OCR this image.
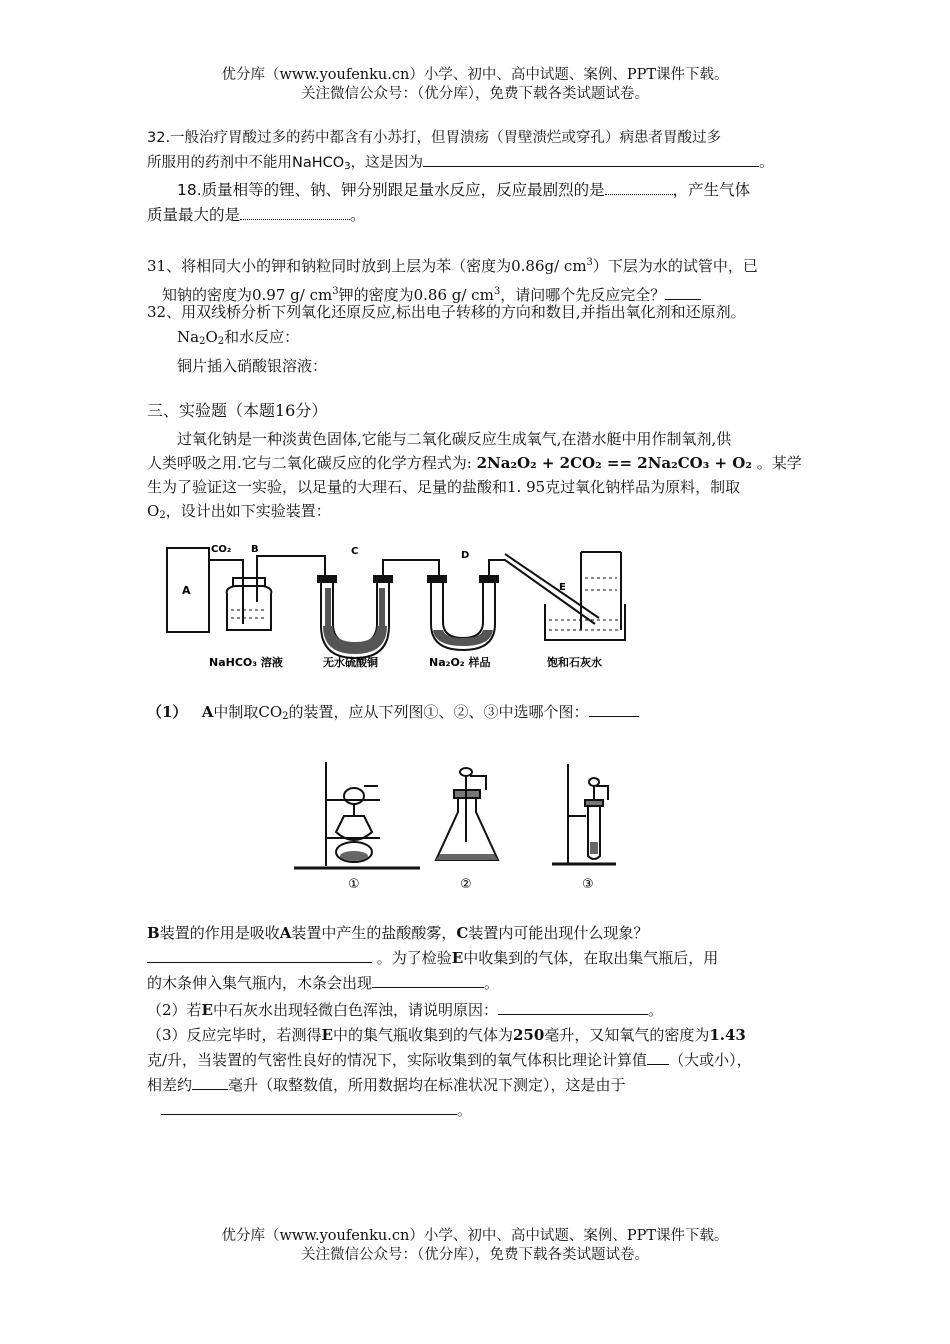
优分库（www.youfenku.cn）小学、初中、高中试题、案例、PPT课件下载。
关注微信公众号：（优分库），免费下载各类试题试卷。
32.一般治疗胃酸过多的药中都含有小苏打，但胃溃疡（胃壁溃烂或穿孔）病患者胃酸过多
所服用的药剂中不能用NaHCO$_3$，这是因为	。
18.质量相等的锂、钠、钾分别跟足量水反应，反应最剧烈的是	，产生气体
质量最大的是	。
31、将相同大小的钾和钠粒同时放到上层为苯（密度为0.86g/ $cm^3$）下层为水的试管中，已
知钠的密度为0.97 g/ $cm^3$钾的密度为0.86 g/ $cm^3$，请问哪个先反应完全？
32、用双线桥分析下列氧化还原反应,标出电子转移的方向和数目,并指出氧化剂和还原剂。
$Na_2O_2$和水反应：
铜片插入硝酸银溶液：
三、实验题（本题16分）
过氧化钠是一种淡黄色固体,它能与二氧化碳反应生成氧气,在潜水艇中用作制氧剂,供
人类呼吸之用.它与二氧化碳反应的化学方程式为: 2Na₂O₂ + 2CO₂ == 2Na₂CO₃ + O₂ 。某学
生为了验证这一实验，以足量的大理石、足量的盐酸和1. 95克过氧化钠样品为原料，制取
$O_2$，设计出如下实验装置：
A
CO₂ B	C	D
E
NaHCO₃ 溶液	无水硫酸铜	Na₂O₂ 样品	饱和石灰水
（1） A中制取$CO_2$的装置，应从下列图①、②、③中选哪个图：
①	②	③
B装置的作用是吸收A装置中产生的盐酸酸雾，C装置内可能出现什么现象？
。为了检验E中收集到的气体，在取出集气瓶后，用
的木条伸入集气瓶内，木条会出现	。
（2）若E中石灰水出现轻微白色浑浊，请说明原因：	。
（3）反应完毕时，若测得E中的集气瓶收集到的气体为250毫升，又知氧气的密度为1.43
克/升，当装置的气密性良好的情况下，实际收集到的氧气体积比理论计算值 （大或小），
相差约 毫升（取整数值，所用数据均在标准状况下测定），这是由于
。
优分库（www.youfenku.cn）小学、初中、高中试题、案例、PPT课件下载。
关注微信公众号：（优分库），免费下载各类试题试卷。
